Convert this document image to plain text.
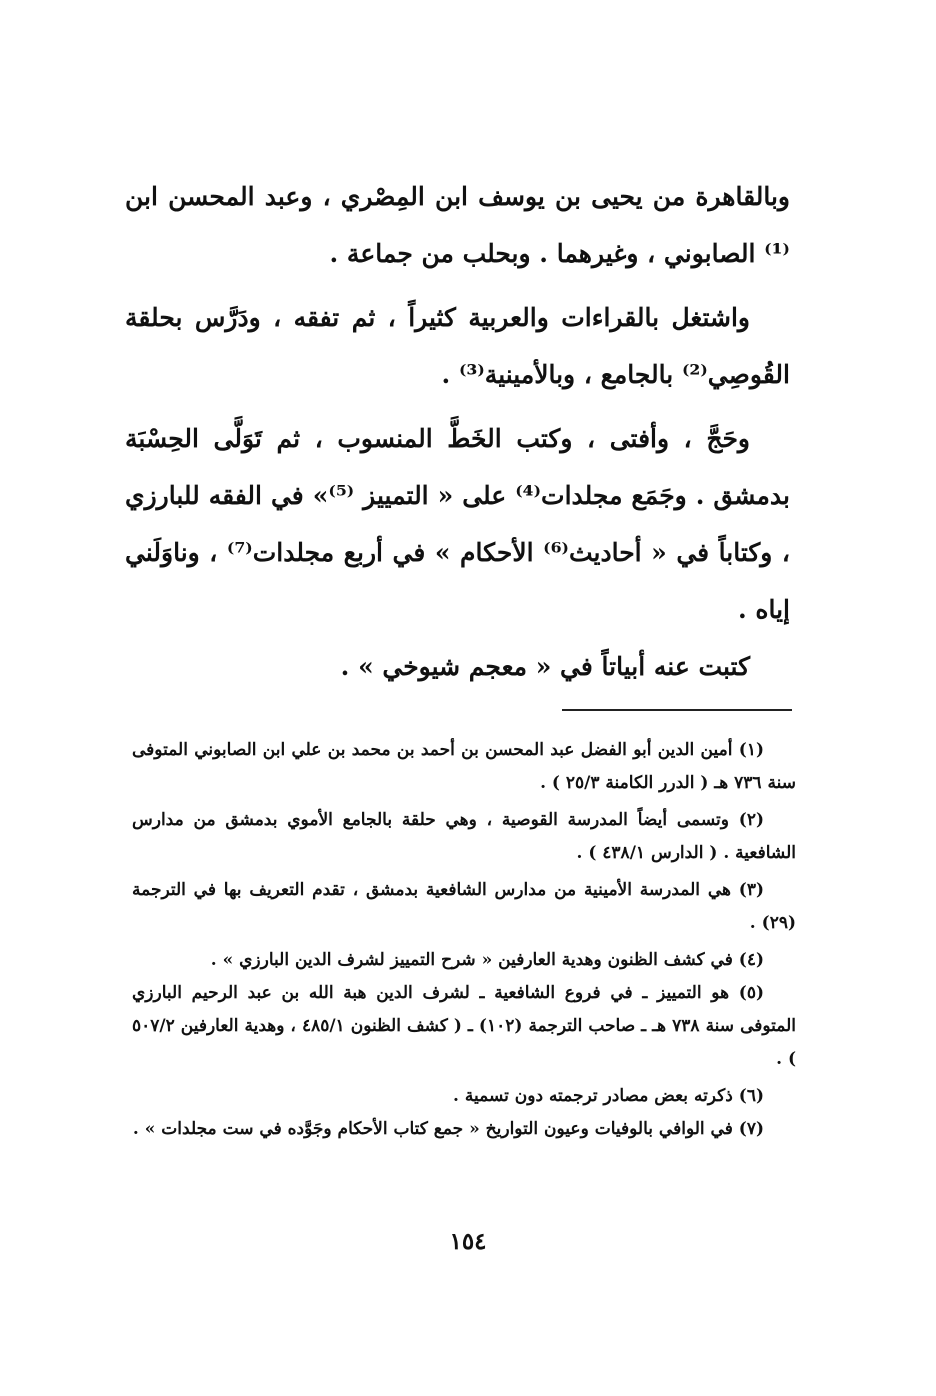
وبالقاهرة من يحيى بن يوسف ابن المِصْري ، وعبد المحسن ابن ⁽¹⁾ الصابوني ، وغيرهما . وبحلب من جماعة .

واشتغل بالقراءات والعربية كثيراً ، ثم تفقه ، ودَرَّس بحلقة القُوصِي⁽²⁾ بالجامع ، وبالأمينية⁽³⁾ .

وحَجَّ ، وأفتى ، وكتب الخَطَّ المنسوب ، ثم تَوَلَّى الحِسْبَة بدمشق . وجَمَع مجلدات⁽⁴⁾ على « التمييز ⁽⁵⁾» في الفقه للبارزي ، وكتاباً في « أحاديث⁽⁶⁾ الأحكام » في أربع مجلدات⁽⁷⁾ ، وناوَلَني إياه .

كتبت عنه أبياتاً في « معجم شيوخي » .

(١) أمين الدين أبو الفضل عبد المحسن بن أحمد بن محمد بن علي ابن الصابوني المتوفى سنة ٧٣٦ هـ ( الدرر الكامنة ٢٥/٣ ) .

(٢) وتسمى أيضاً المدرسة القوصية ، وهي حلقة بالجامع الأموي بدمشق من مدارس الشافعية . ( الدارس ٤٣٨/١ ) .

(٣) هي المدرسة الأمينية من مدارس الشافعية بدمشق ، تقدم التعريف بها في الترجمة (٢٩) .

(٤) في كشف الظنون وهدية العارفين « شرح التمييز لشرف الدين البارزي » .

(٥) هو التمييز ـ في فروع الشافعية ـ لشرف الدين هبة الله بن عبد الرحيم البارزي المتوفى سنة ٧٣٨ هـ ـ صاحب الترجمة (١٠٢) ـ ( كشف الظنون ٤٨٥/١ ، وهدية العارفين ٥٠٧/٢ ) .

(٦) ذكرته بعض مصادر ترجمته دون تسمية .

(٧) في الوافي بالوفيات وعيون التواريخ « جمع كتاب الأحكام وجَوَّده في ست مجلدات » .

١٥٤
